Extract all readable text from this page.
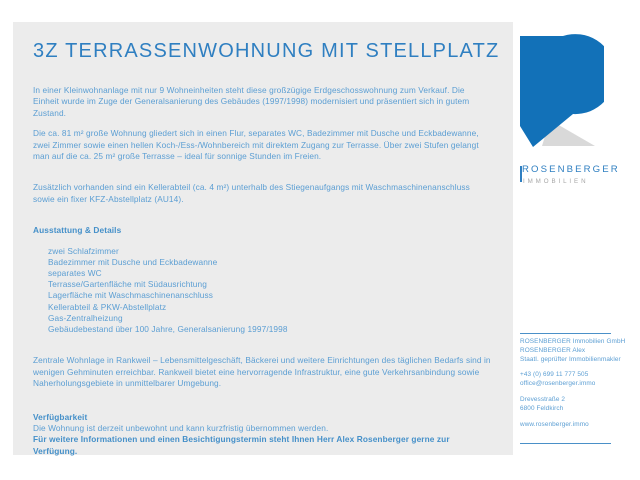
3Z TERRASSENWOHNUNG MIT STELLPLATZ

In einer Kleinwohnanlage mit nur 9 Wohneinheiten steht diese großzügige Erdgeschosswohnung zum Verkauf. Die Einheit wurde im Zuge der Generalsanierung des Gebäudes (1997/1998) modernisiert und präsentiert sich in gutem Zustand.

Die ca. 81 m² große Wohnung gliedert sich in einen Flur, separates WC, Badezimmer mit Dusche und Eckbadewanne, zwei Zimmer sowie einen hellen Koch-/Ess-/Wohnbereich mit direktem Zugang zur Terrasse. Über zwei Stufen gelangt man auf die ca. 25 m² große Terrasse – ideal für sonnige Stunden im Freien.

Zusätzlich vorhanden sind ein Kellerabteil (ca. 4 m²) unterhalb des Stiegenaufgangs mit Waschmaschinenanschluss sowie ein fixer KFZ-Abstellplatz (AU14).

Ausstattung & Details

zwei Schlafzimmer
Badezimmer mit Dusche und Eckbadewanne
separates WC
Terrasse/Gartenfläche mit Südausrichtung
Lagerfläche mit Waschmaschinenanschluss
Kellerabteil & PKW-Abstellplatz
Gas-Zentralheizung
Gebäudebestand über 100 Jahre, Generalsanierung 1997/1998

Zentrale Wohnlage in Rankweil – Lebensmittelgeschäft, Bäckerei und weitere Einrichtungen des täglichen Bedarfs sind in wenigen Gehminuten erreichbar. Rankweil bietet eine hervorragende Infrastruktur, eine gute Verkehrsanbindung sowie Naherholungsgebiete in unmittelbarer Umgebung.

Verfügbarkeit

Die Wohnung ist derzeit unbewohnt und kann kurzfristig übernommen werden.

Für weitere Informationen und einen Besichtigungstermin steht Ihnen Herr Alex Rosenberger gerne zur Verfügung.

ROSENBERGER
IMMOBILIEN
ROSENBERGER Immobilien GmbH
ROSENBERGER Alex
Staatl. geprüfter Immobilienmakler
+43 (0) 699 11 777 505
office@rosenberger.immo
Drevesstraße 2
6800 Feldkirch
www.rosenberger.immo
